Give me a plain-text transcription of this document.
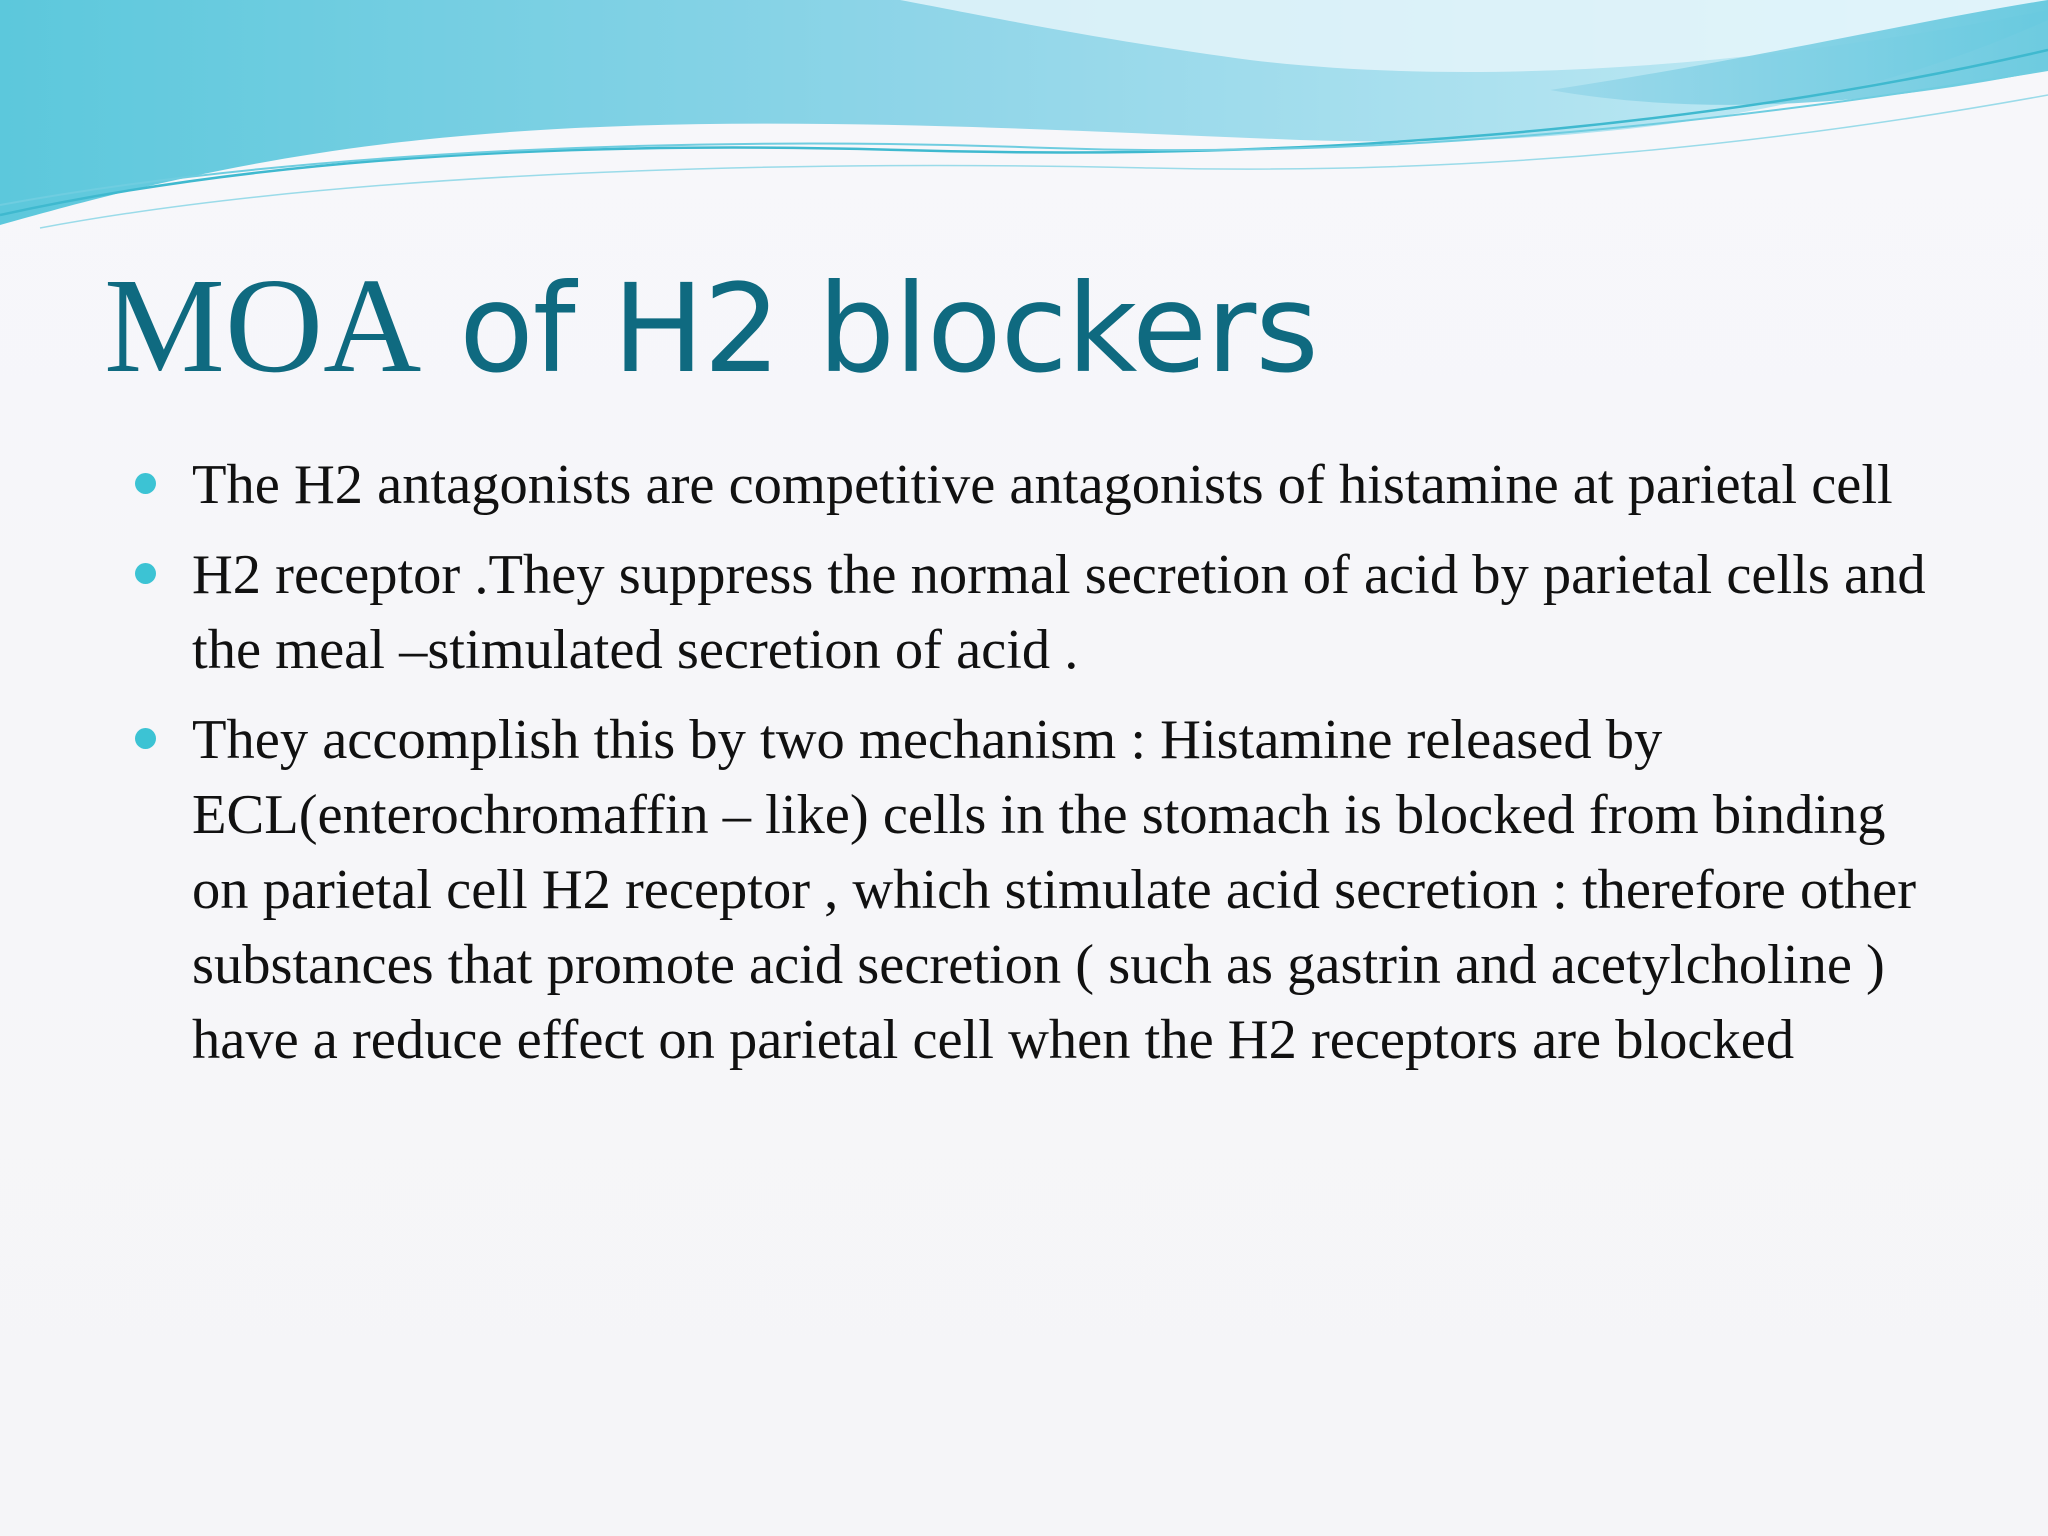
MOA of H2 blockers
The H2 antagonists are competitive antagonists of histamine at parietal cell
H2 receptor .They suppress the normal secretion of acid by parietal cells and the meal –stimulated secretion of acid .
They accomplish this by two mechanism : Histamine released by ECL(enterochromaffin – like) cells in the stomach is blocked from binding on parietal cell H2 receptor , which stimulate acid secretion : therefore other substances that promote acid secretion ( such as gastrin and acetylcholine ) have a reduce effect on parietal cell when the H2 receptors are blocked
